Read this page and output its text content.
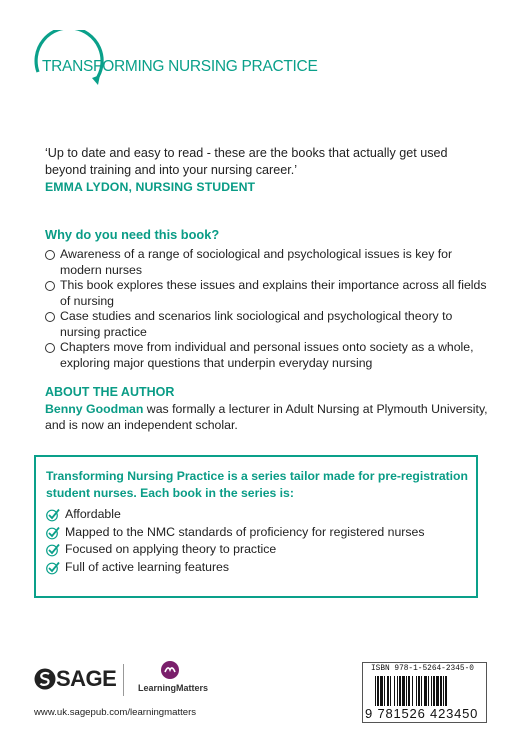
TRANSFORMING NURSING PRACTICE
‘Up to date and easy to read - these are the books that actually get used beyond training and into your nursing career.’
EMMA LYDON, NURSING STUDENT
Why do you need this book?
Awareness of a range of sociological and psychological issues is key for modern nurses
This book explores these issues and explains their importance across all fields of nursing
Case studies and scenarios link sociological and psychological theory to nursing practice
Chapters move from individual and personal issues onto society as a whole, exploring major questions that underpin everyday nursing
ABOUT THE AUTHOR
Benny Goodman was formally a lecturer in Adult Nursing at Plymouth University, and is now an independent scholar.
Transforming Nursing Practice is a series tailor made for pre-registration student nurses. Each book in the series is:
Affordable
Mapped to the NMC standards of proficiency for registered nurses
Focused on applying theory to practice
Full of active learning features
SAGE LearningMatters
www.uk.sagepub.com/learningmatters
ISBN 978-1-5264-2345-0
9 781526 423450
